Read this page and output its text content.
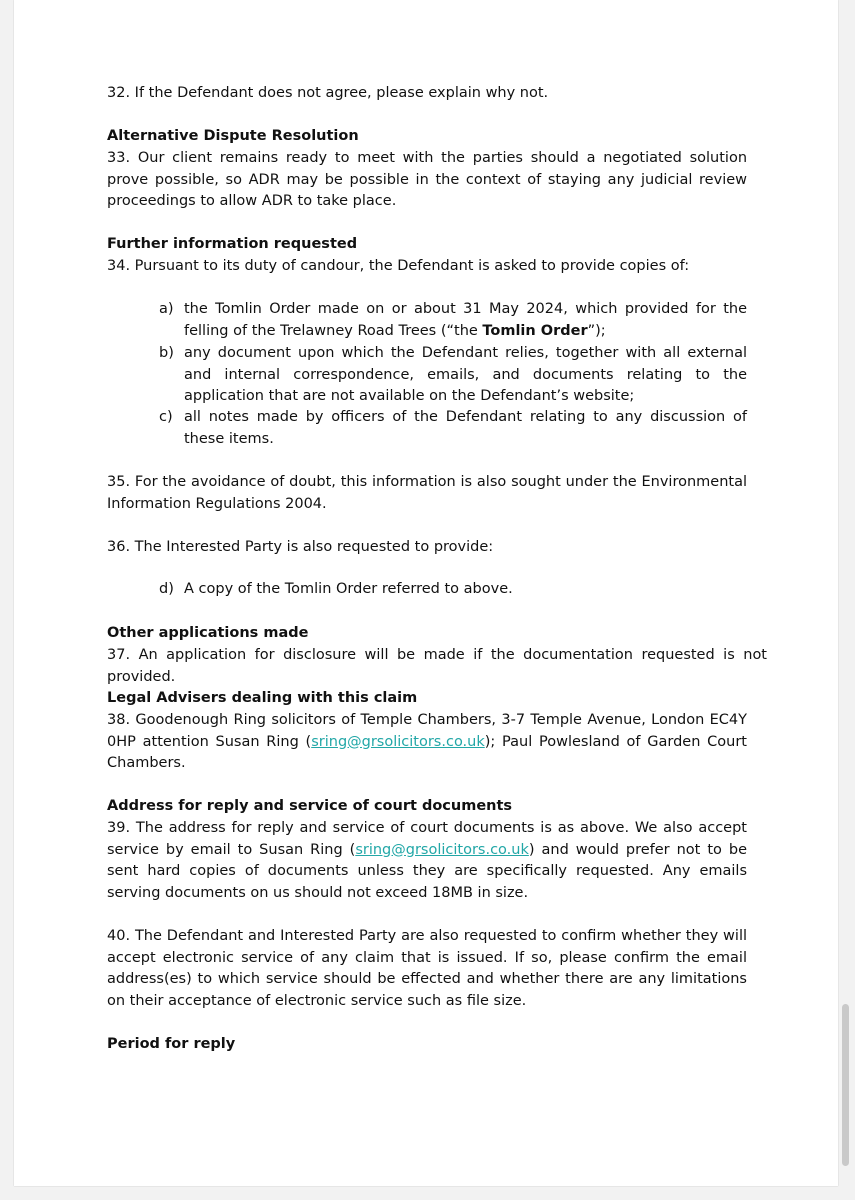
32. If the Defendant does not agree, please explain why not.
Alternative Dispute Resolution
33. Our client remains ready to meet with the parties should a negotiated solution prove possible, so ADR may be possible in the context of staying any judicial review proceedings to allow ADR to take place.
Further information requested
34. Pursuant to its duty of candour, the Defendant is asked to provide copies of:
a) the Tomlin Order made on or about 31 May 2024, which provided for the felling of the Trelawney Road Trees (“the Tomlin Order”);
b) any document upon which the Defendant relies, together with all external and internal correspondence, emails, and documents relating to the application that are not available on the Defendant’s website;
c) all notes made by officers of the Defendant relating to any discussion of these items.
35. For the avoidance of doubt, this information is also sought under the Environmental Information Regulations 2004.
36. The Interested Party is also requested to provide:
d) A copy of the Tomlin Order referred to above.
Other applications made
37. An application for disclosure will be made if the documentation requested is not provided.
Legal Advisers dealing with this claim
38. Goodenough Ring solicitors of Temple Chambers, 3-7 Temple Avenue, London EC4Y 0HP attention Susan Ring (sring@grsolicitors.co.uk); Paul Powlesland of Garden Court Chambers.
Address for reply and service of court documents
39. The address for reply and service of court documents is as above. We also accept service by email to Susan Ring (sring@grsolicitors.co.uk) and would prefer not to be sent hard copies of documents unless they are specifically requested. Any emails serving documents on us should not exceed 18MB in size.
40. The Defendant and Interested Party are also requested to confirm whether they will accept electronic service of any claim that is issued. If so, please confirm the email address(es) to which service should be effected and whether there are any limitations on their acceptance of electronic service such as file size.
Period for reply
